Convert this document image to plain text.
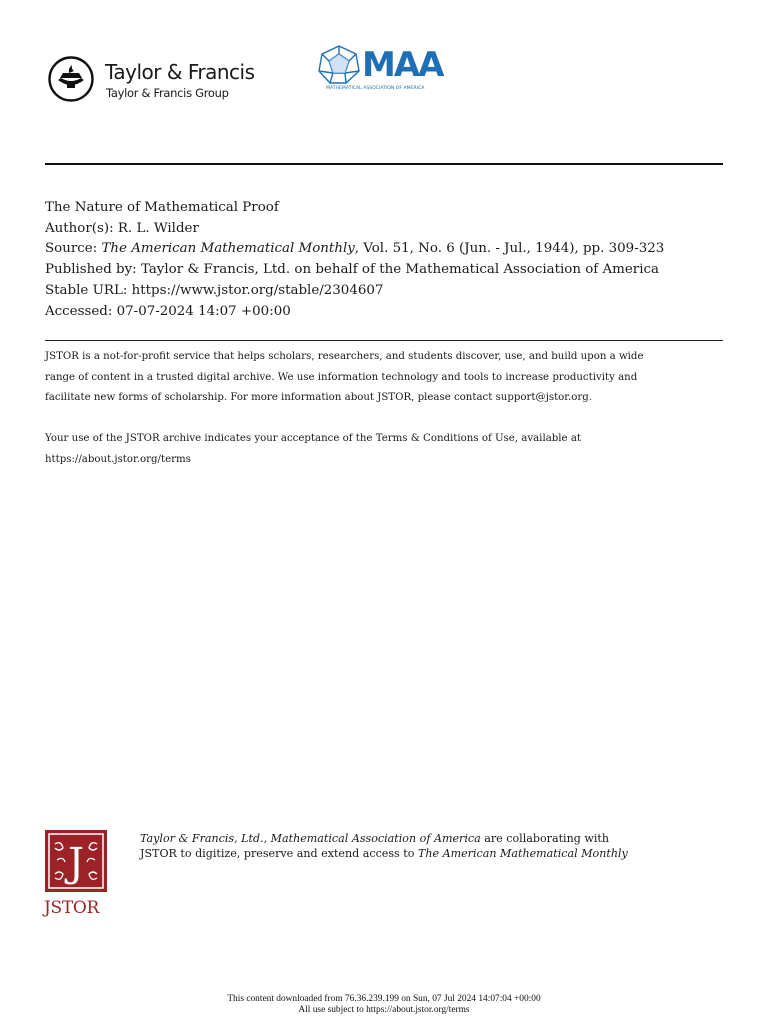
Taylor & Francis
Taylor & Francis Group
MAA
MATHEMATICAL ASSOCIATION OF AMERICA
The Nature of Mathematical Proof
Author(s): R. L. Wilder
Source: The American Mathematical Monthly, Vol. 51, No. 6 (Jun. - Jul., 1944), pp. 309-323
Published by: Taylor & Francis, Ltd. on behalf of the Mathematical Association of America
Stable URL: https://www.jstor.org/stable/2304607
Accessed: 07-07-2024 14:07 +00:00
JSTOR is a not-for-profit service that helps scholars, researchers, and students discover, use, and build upon a wide
range of content in a trusted digital archive. We use information technology and tools to increase productivity and
facilitate new forms of scholarship. For more information about JSTOR, please contact support@jstor.org.
Your use of the JSTOR archive indicates your acceptance of the Terms & Conditions of Use, available at
https://about.jstor.org/terms
J
JSTOR
Taylor & Francis, Ltd., Mathematical Association of America are collaborating with
JSTOR to digitize, preserve and extend access to The American Mathematical Monthly
This content downloaded from 76.36.239.199 on Sun, 07 Jul 2024 14:07:04 +00:00
All use subject to https://about.jstor.org/terms
